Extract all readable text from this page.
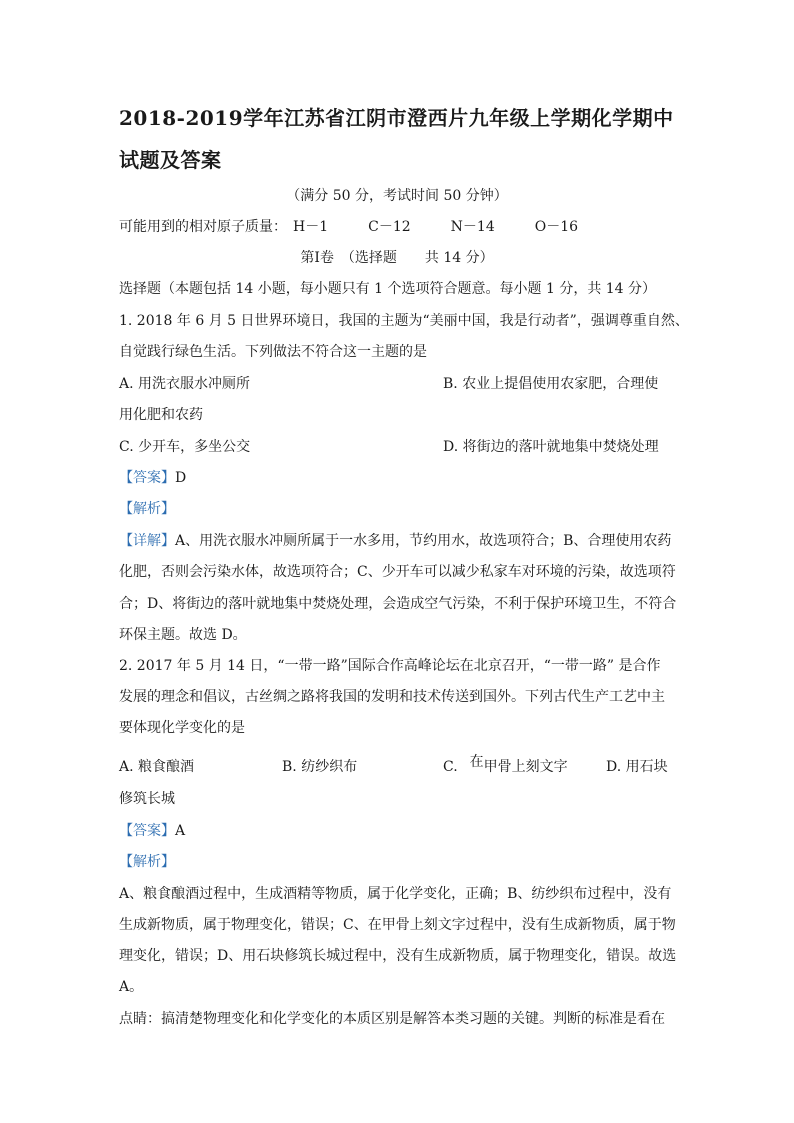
2018-2019学年江苏省江阴市澄西片九年级上学期化学期中
试题及答案
（满分 50 分，考试时间 50 分钟）
可能用到的相对原子质量： H－1	C－12	N－14	O－16
第Ⅰ卷　（选择题　　共 14 分）
选择题（本题包括 14 小题，每小题只有 1 个选项符合题意。每小题 1 分，共 14 分）
1. 2018 年 6 月 5 日世界环境日，我国的主题为“美丽中国，我是行动者”，强调尊重自然、
自觉践行绿色生活。下列做法不符合这一主题的是
A. 用洗衣服水冲厕所	B. 农业上提倡使用农家肥，合理使
用化肥和农药
C. 少开车，多坐公交	D. 将街边的落叶就地集中焚烧处理
【答案】D
【解析】
【详解】A、用洗衣服水冲厕所属于一水多用，节约用水，故选项符合；B、合理使用农药
化肥，否则会污染水体，故选项符合；C、少开车可以减少私家车对环境的污染，故选项符
合；D、将街边的落叶就地集中焚烧处理，会造成空气污染，不利于保护环境卫生，不符合
环保主题。故选 D。
2. 2017 年 5 月 14 日，“一带一路”国际合作高峰论坛在北京召开，“一带一路” 是合作
发展的理念和倡议，古丝绸之路将我国的发明和技术传送到国外。下列古代生产工艺中主
要体现化学变化的是
A. 粮食酿酒	B. 纺纱织布	C. 在甲骨上刻文字	D. 用石块
修筑长城
【答案】A
【解析】
A、粮食酿酒过程中，生成酒精等物质，属于化学变化，正确；B、纺纱织布过程中，没有
生成新物质，属于物理变化，错误；C、在甲骨上刻文字过程中，没有生成新物质，属于物
理变化，错误；D、用石块修筑长城过程中，没有生成新物质，属于物理变化，错误。故选
A。
点睛：搞清楚物理变化和化学变化的本质区别是解答本类习题的关键。判断的标准是看在
